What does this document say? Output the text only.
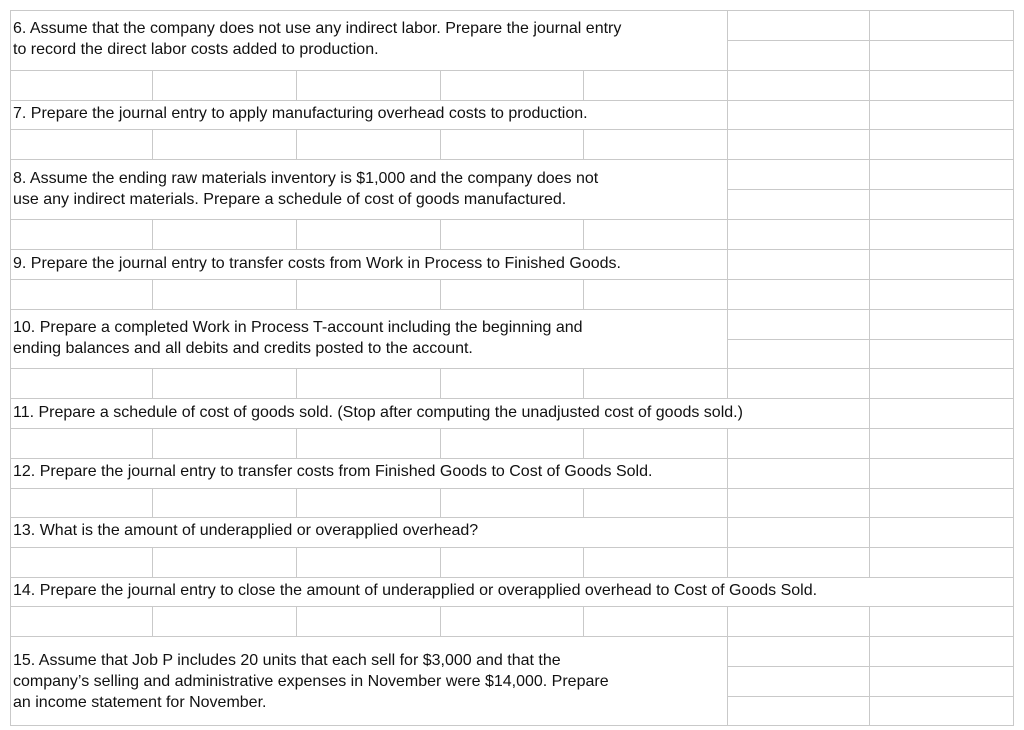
6. Assume that the company does not use any indirect labor. Prepare the journal entry
to record the direct labor costs added to production.
7. Prepare the journal entry to apply manufacturing overhead costs to production.
8. Assume the ending raw materials inventory is $1,000 and the company does not
use any indirect materials. Prepare a schedule of cost of goods manufactured.
9. Prepare the journal entry to transfer costs from Work in Process to Finished Goods.
10. Prepare a completed Work in Process T-account including the beginning and
ending balances and all debits and credits posted to the account.
11. Prepare a schedule of cost of goods sold. (Stop after computing the unadjusted cost of goods sold.)
12. Prepare the journal entry to transfer costs from Finished Goods to Cost of Goods Sold.
13. What is the amount of underapplied or overapplied overhead?
14. Prepare the journal entry to close the amount of underapplied or overapplied overhead to Cost of Goods Sold.
15. Assume that Job P includes 20 units that each sell for $3,000 and that the
company’s selling and administrative expenses in November were $14,000. Prepare
an income statement for November.
